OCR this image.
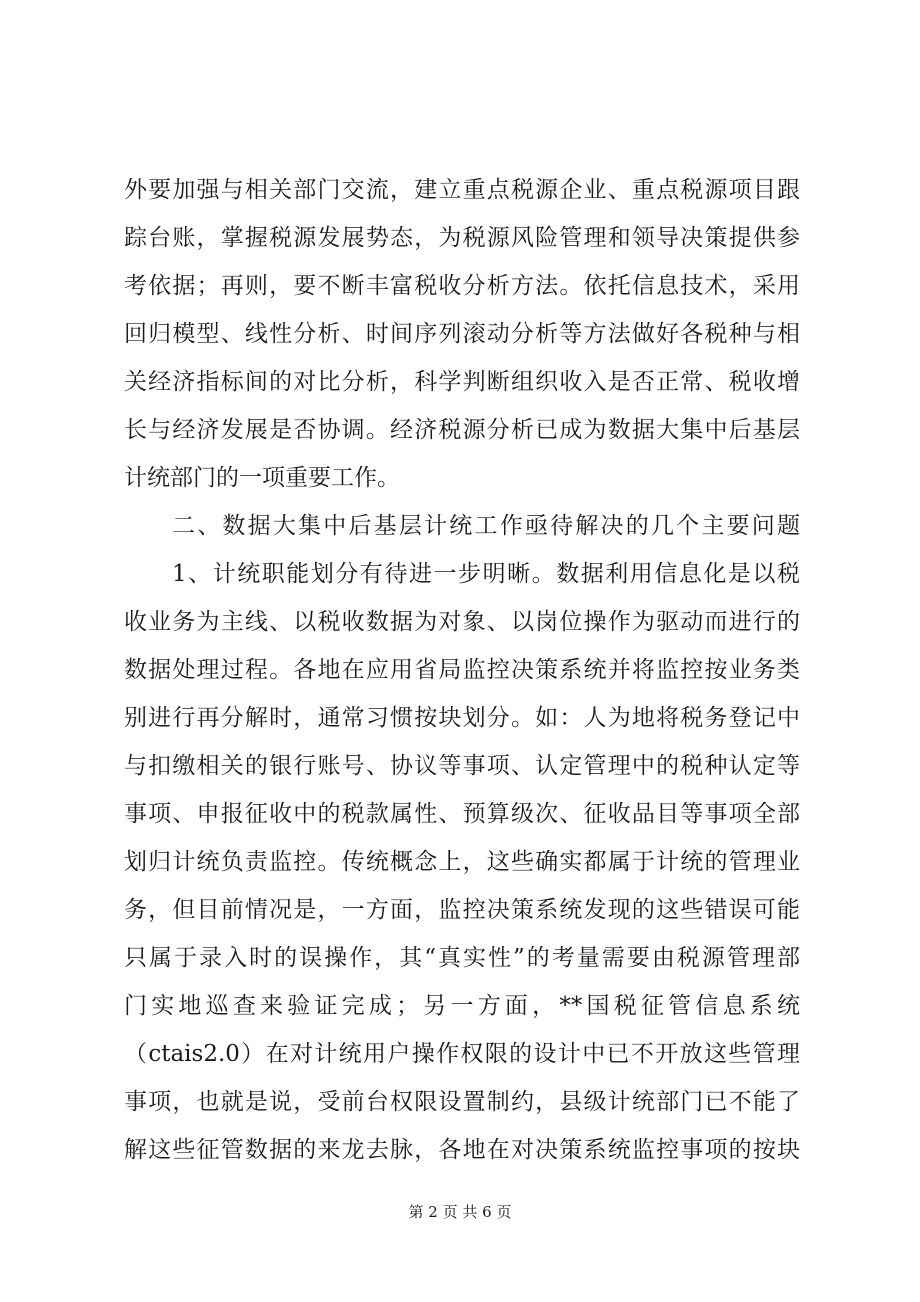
外要加强与相关部门交流，建立重点税源企业、重点税源项目跟
踪台账，掌握税源发展势态，为税源风险管理和领导决策提供参
考依据；再则，要不断丰富税收分析方法。依托信息技术，采用
回归模型、线性分析、时间序列滚动分析等方法做好各税种与相
关经济指标间的对比分析，科学判断组织收入是否正常、税收增
长与经济发展是否协调。经济税源分析已成为数据大集中后基层
计统部门的一项重要工作。
二、数据大集中后基层计统工作亟待解决的几个主要问题
1、计统职能划分有待进一步明晰。数据利用信息化是以税
收业务为主线、以税收数据为对象、以岗位操作为驱动而进行的
数据处理过程。各地在应用省局监控决策系统并将监控按业务类
别进行再分解时，通常习惯按块划分。如：人为地将税务登记中
与扣缴相关的银行账号、协议等事项、认定管理中的税种认定等
事项、申报征收中的税款属性、预算级次、征收品目等事项全部
划归计统负责监控。传统概念上，这些确实都属于计统的管理业
务，但目前情况是，一方面，监控决策系统发现的这些错误可能
只属于录入时的误操作，其“真实性”的考量需要由税源管理部
门实地巡查来验证完成；另一方面，**国税征管信息系统
（ctais2.0）在对计统用户操作权限的设计中已不开放这些管理
事项，也就是说，受前台权限设置制约，县级计统部门已不能了
解这些征管数据的来龙去脉，各地在对决策系统监控事项的按块
第 2 页 共 6 页
